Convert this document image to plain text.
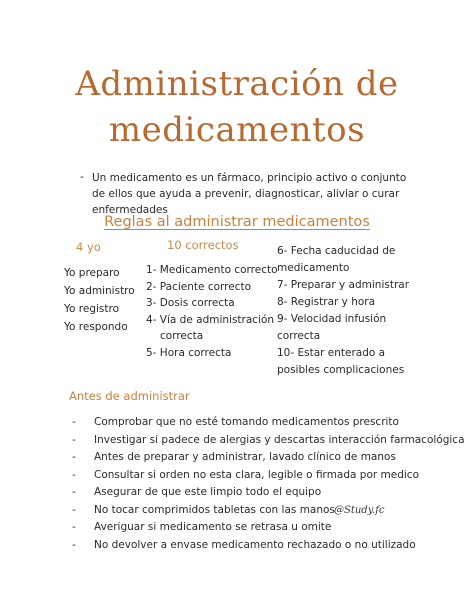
Administración de
medicamentos
- Un medicamento es un fármaco, principio activo o conjunto de ellos que ayuda a prevenir, diagnosticar, aliviar o curar enfermedades
Reglas al administrar medicamentos
4 yo
Yo preparo
Yo administro
Yo registro
Yo respondo
10 correctos
1- Medicamento correcto
2- Paciente correcto
3- Dosis correcta
4- Vía de administración
correcta
5- Hora correcta
6- Fecha caducidad de
medicamento
7- Preparar y administrar
8- Registrar y hora
9- Velocidad infusión
correcta
10- Estar enterado a
posibles complicaciones
Antes de administrar
- Comprobar que no esté tomando medicamentos prescrito
- Investigar si padece de alergias y descartas interacción farmacológica
- Antes de preparar y administrar, lavado clínico de manos
- Consultar si orden no esta clara, legible o firmada por medico
- Asegurar de que este limpio todo el equipo
- No tocar comprimidos tabletas con las manos
- Averiguar si medicamento se retrasa u omite
- No devolver a envase medicamento rechazado o no utilizado
@Study.fc
